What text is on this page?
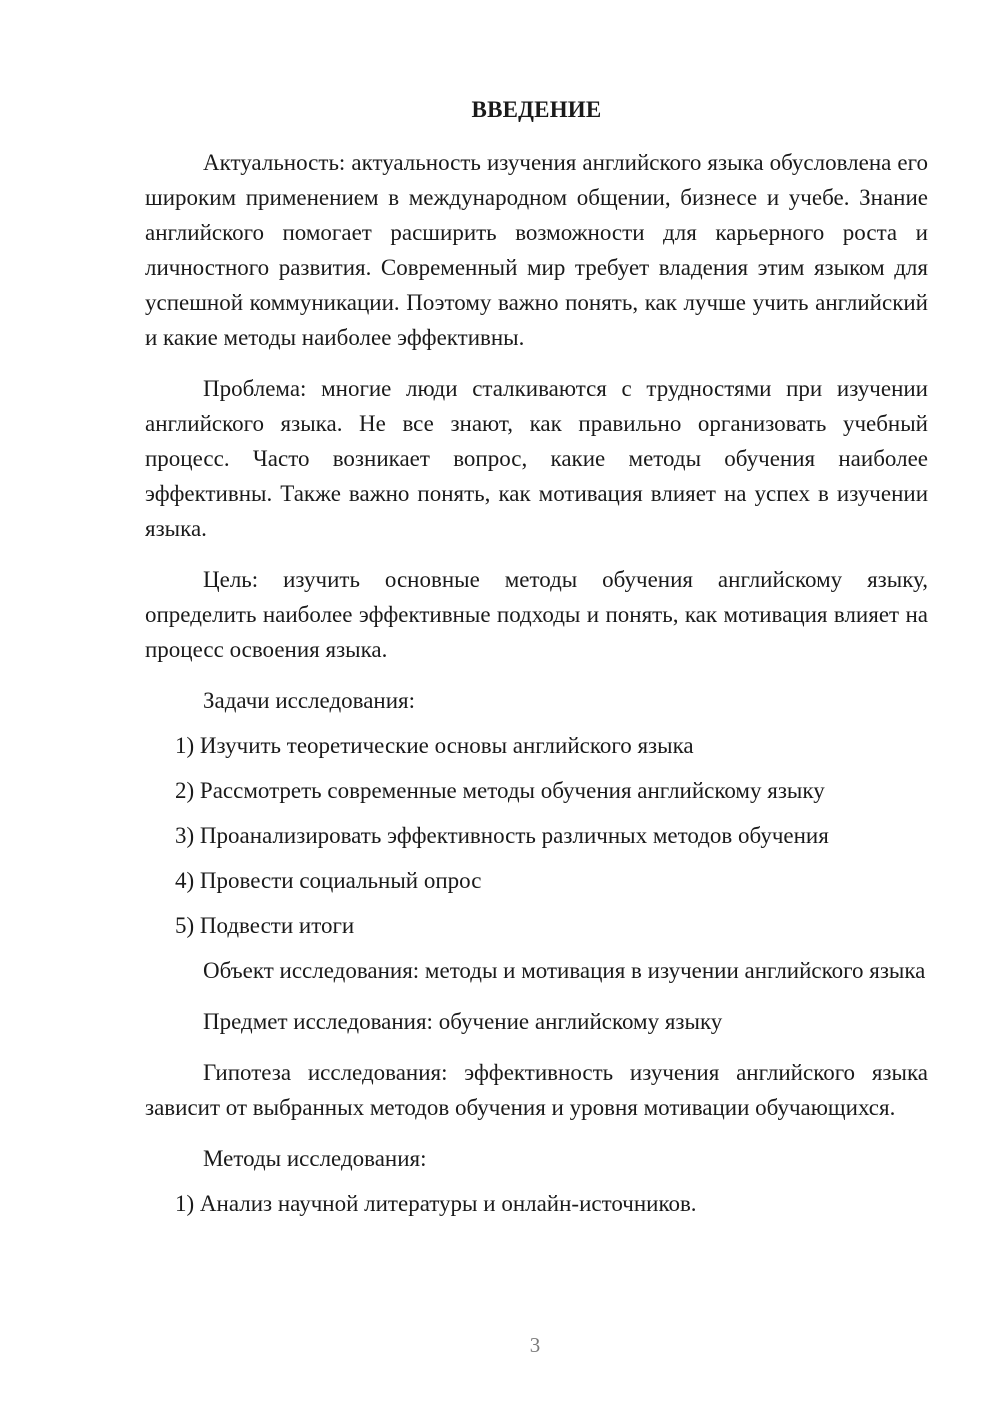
ВВЕДЕНИЕ

Актуальность: актуальность изучения английского языка обусловлена его широким применением в международном общении, бизнесе и учебе. Знание английского помогает расширить возможности для карьерного роста и личностного развития. Современный мир требует владения этим языком для успешной коммуникации. Поэтому важно понять, как лучше учить английский и какие методы наиболее эффективны.

Проблема: многие люди сталкиваются с трудностями при изучении английского языка. Не все знают, как правильно организовать учебный процесс. Часто возникает вопрос, какие методы обучения наиболее эффективны. Также важно понять, как мотивация влияет на успех в изучении языка.

Цель: изучить основные методы обучения английскому языку, определить наиболее эффективные подходы и понять, как мотивация влияет на процесс освоения языка.

Задачи исследования:
1) Изучить теоретические основы английского языка
2) Рассмотреть современные методы обучения английскому языку
3) Проанализировать эффективность различных методов обучения
4) Провести социальный опрос
5) Подвести итоги

Объект исследования: методы и мотивация в изучении английского языка

Предмет исследования: обучение английскому языку

Гипотеза исследования: эффективность изучения английского языка зависит от выбранных методов обучения и уровня мотивации обучающихся.

Методы исследования:
1) Анализ научной литературы и онлайн-источников.
3
